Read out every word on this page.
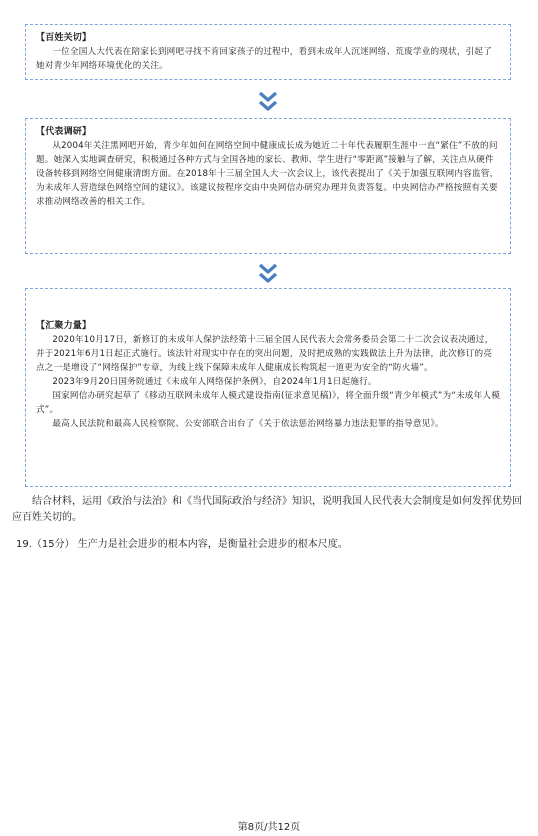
【百姓关切】

一位全国人大代表在陪家长到网吧寻找不肯回家孩子的过程中，看到未成年人沉迷网络、荒废学业的现状，引起了她对青少年网络环境优化的关注。

【代表调研】

从2004年关注黑网吧开始，青少年如何在网络空间中健康成长成为她近二十年代表履职生涯中一直“紧住”不放的问题。她深入实地调查研究，积极通过各种方式与全国各地的家长、教师、学生进行“零距离”接触与了解，关注点从硬件设备转移到网络空间健康清朗方面。在2018年十三届全国人大一次会议上，该代表提出了《关于加强互联网内容监管，为未成年人营造绿色网络空间的建议》。该建议按程序交由中央网信办研究办理并负责答复。中央网信办严格按照有关要求推动网络改善的相关工作。

【汇聚力量】

2020年10月17日，新修订的未成年人保护法经第十三届全国人民代表大会常务委员会第二十二次会议表决通过，并于2021年6月1日起正式施行。该法针对现实中存在的突出问题，及时把成熟的实践做法上升为法律，此次修订的亮点之一是增设了“网络保护”专章，为线上线下保障未成年人健康成长构筑起一道更为安全的“防火墙”。

2023年9月20日国务院通过《未成年人网络保护条例》，自2024年1月1日起施行。

国家网信办研究起草了《移动互联网未成年人模式建设指南(征求意见稿)》，将全面升级“青少年模式”为“未成年人模式”。

最高人民法院和最高人民检察院、公安部联合出台了《关于依法惩治网络暴力违法犯罪的指导意见》。

结合材料，运用《政治与法治》和《当代国际政治与经济》知识，说明我国人民代表大会制度是如何发挥优势回应百姓关切的。
19.（15分） 生产力是社会进步的根本内容，是衡量社会进步的根本尺度。
第8页/共12页
